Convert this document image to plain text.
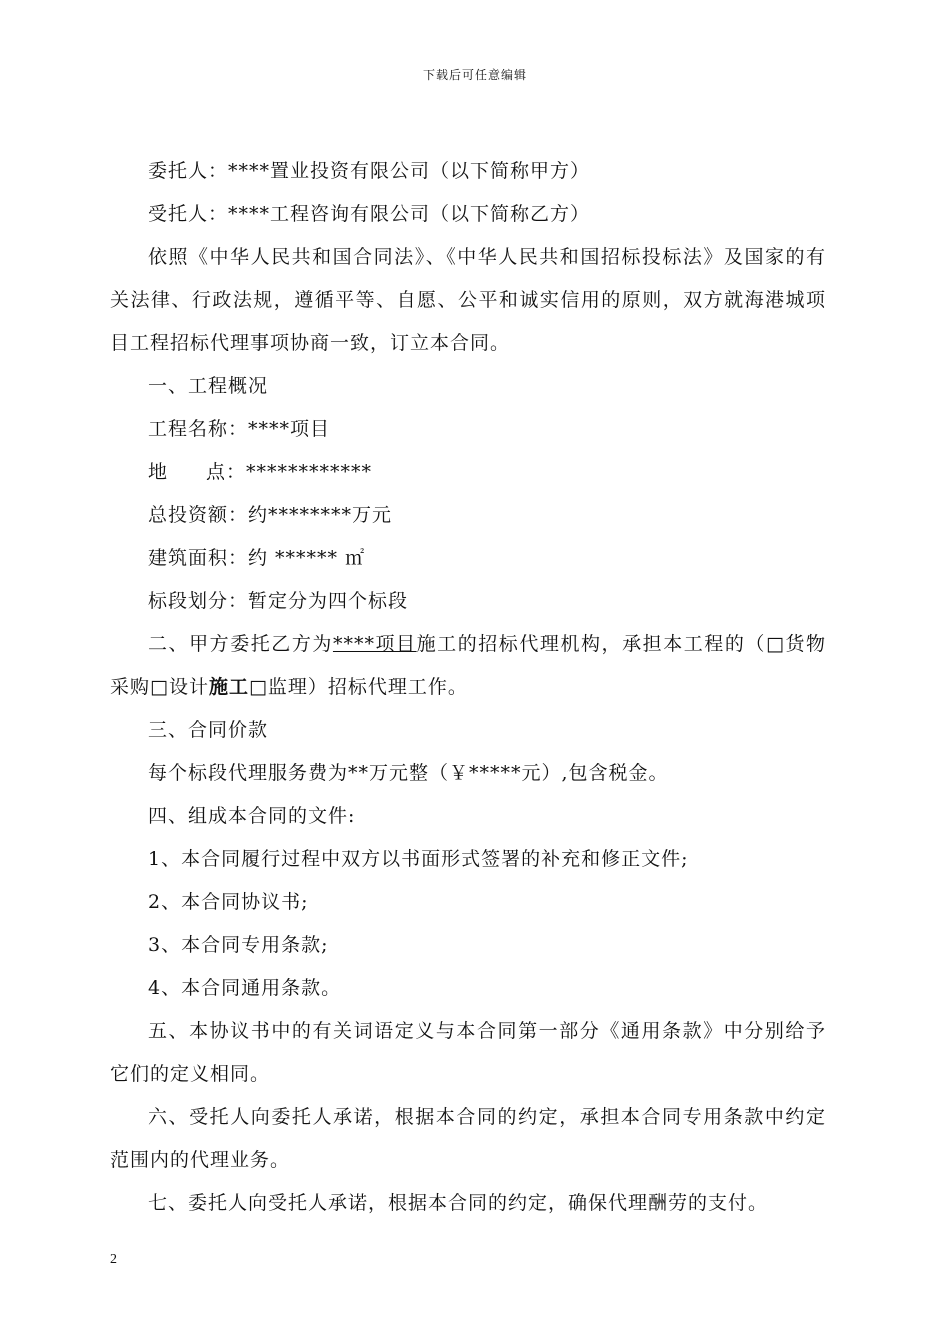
下载后可任意编辑

委托人：****置业投资有限公司（以下简称甲方）

受托人：****工程咨询有限公司（以下简称乙方）

依照《中华人民共和国合同法》、《中华人民共和国招标投标法》及国家的有关法律、行政法规，遵循平等、自愿、公平和诚实信用的原则，双方就海港城项目工程招标代理事项协商一致，订立本合同。

一、工程概况

工程名称：****项目

地 点：************

总投资额：约********万元

建筑面积：约 ****** ㎡

标段划分：暂定分为四个标段

二、甲方委托乙方为****项目施工的招标代理机构，承担本工程的（□货物采购□设计施工□监理）招标代理工作。

三、合同价款

每个标段代理服务费为**万元整（￥*****元）,包含税金。

四、组成本合同的文件:

1、本合同履行过程中双方以书面形式签署的补充和修正文件;

2、本合同协议书;

3、本合同专用条款;

4、本合同通用条款。

五、本协议书中的有关词语定义与本合同第一部分《通用条款》中分别给予它们的定义相同。

六、受托人向委托人承诺，根据本合同的约定，承担本合同专用条款中约定范围内的代理业务。

七、委托人向受托人承诺，根据本合同的约定，确保代理酬劳的支付。

2
